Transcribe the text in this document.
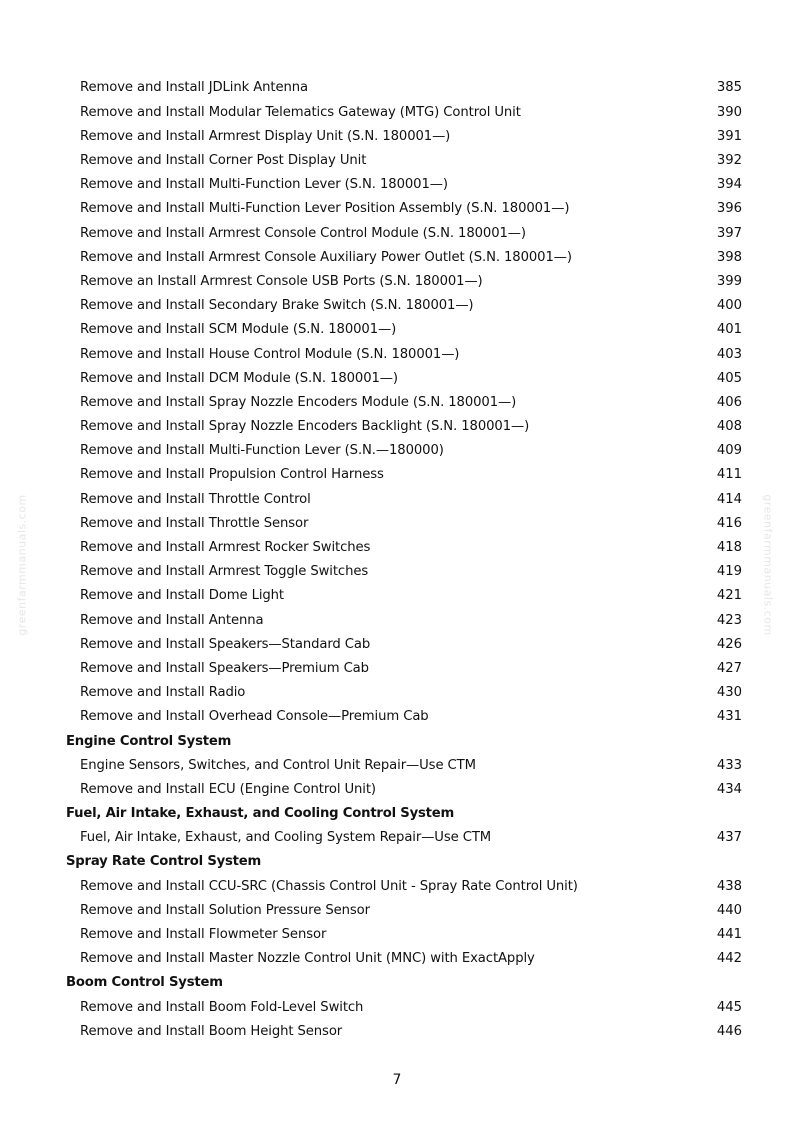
greenfarmmanuals.com	greenfarmmanuals.com
Remove and Install JDLink Antenna	385
Remove and Install Modular Telematics Gateway (MTG) Control Unit	390
Remove and Install Armrest Display Unit (S.N. 180001—)	391
Remove and Install Corner Post Display Unit	392
Remove and Install Multi-Function Lever (S.N. 180001—)	394
Remove and Install Multi-Function Lever Position Assembly (S.N. 180001—)	396
Remove and Install Armrest Console Control Module (S.N. 180001—)	397
Remove and Install Armrest Console Auxiliary Power Outlet (S.N. 180001—)	398
Remove an Install Armrest Console USB Ports (S.N. 180001—)	399
Remove and Install Secondary Brake Switch (S.N. 180001—)	400
Remove and Install SCM Module (S.N. 180001—)	401
Remove and Install House Control Module (S.N. 180001—)	403
Remove and Install DCM Module (S.N. 180001—)	405
Remove and Install Spray Nozzle Encoders Module (S.N. 180001—)	406
Remove and Install Spray Nozzle Encoders Backlight (S.N. 180001—)	408
Remove and Install Multi-Function Lever (S.N.—180000)	409
Remove and Install Propulsion Control Harness	411
Remove and Install Throttle Control	414
Remove and Install Throttle Sensor	416
Remove and Install Armrest Rocker Switches	418
Remove and Install Armrest Toggle Switches	419
Remove and Install Dome Light	421
Remove and Install Antenna	423
Remove and Install Speakers—Standard Cab	426
Remove and Install Speakers—Premium Cab	427
Remove and Install Radio	430
Remove and Install Overhead Console—Premium Cab	431
Engine Control System
Engine Sensors, Switches, and Control Unit Repair—Use CTM	433
Remove and Install ECU (Engine Control Unit)	434
Fuel, Air Intake, Exhaust, and Cooling Control System
Fuel, Air Intake, Exhaust, and Cooling System Repair—Use CTM	437
Spray Rate Control System
Remove and Install CCU-SRC (Chassis Control Unit - Spray Rate Control Unit)	438
Remove and Install Solution Pressure Sensor	440
Remove and Install Flowmeter Sensor	441
Remove and Install Master Nozzle Control Unit (MNC) with ExactApply	442
Boom Control System
Remove and Install Boom Fold-Level Switch	445
Remove and Install Boom Height Sensor	446
7
